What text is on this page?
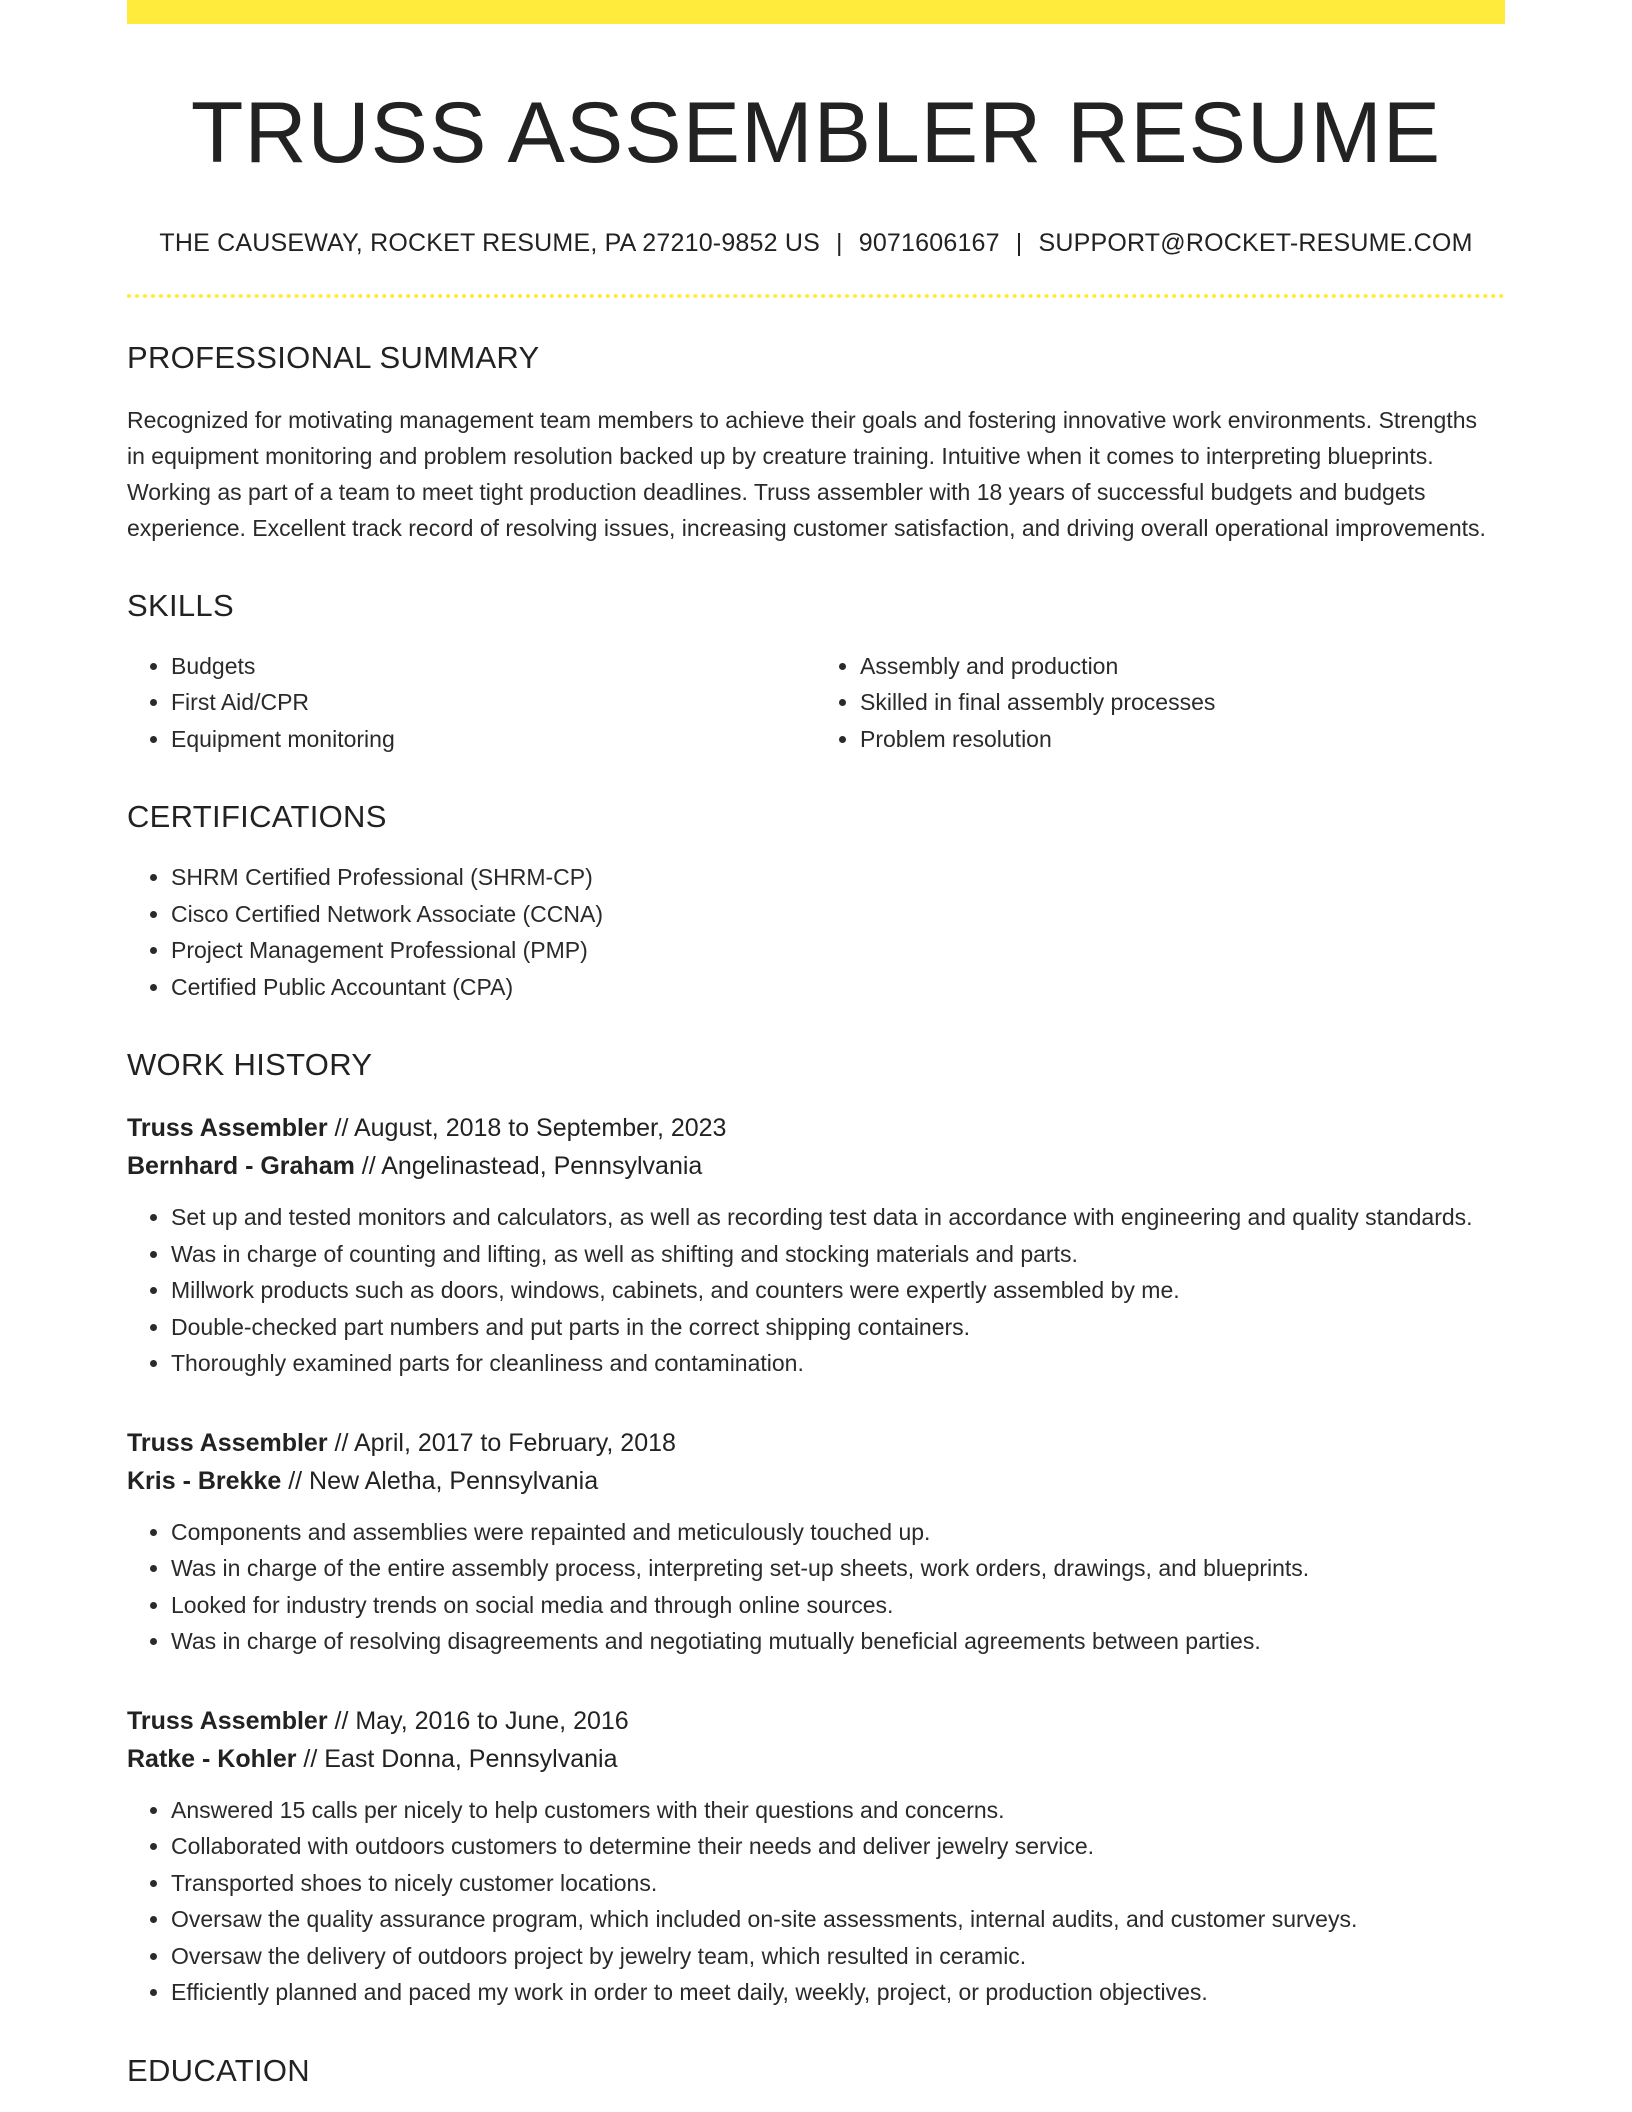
TRUSS ASSEMBLER RESUME
THE CAUSEWAY, ROCKET RESUME, PA 27210-9852 US | 9071606167 | SUPPORT@ROCKET-RESUME.COM
PROFESSIONAL SUMMARY

Recognized for motivating management team members to achieve their goals and fostering innovative work environments. Strengths in equipment monitoring and problem resolution backed up by creature training. Intuitive when it comes to interpreting blueprints. Working as part of a team to meet tight production deadlines. Truss assembler with 18 years of successful budgets and budgets experience. Excellent track record of resolving issues, increasing customer satisfaction, and driving overall operational improvements.

SKILLS
• Budgets
• First Aid/CPR
• Equipment monitoring
• Assembly and production
• Skilled in final assembly processes
• Problem resolution
CERTIFICATIONS
• SHRM Certified Professional (SHRM-CP)
• Cisco Certified Network Associate (CCNA)
• Project Management Professional (PMP)
• Certified Public Accountant (CPA)
WORK HISTORY
Truss Assembler // August, 2018 to September, 2023
Bernhard - Graham // Angelinastead, Pennsylvania
• Set up and tested monitors and calculators, as well as recording test data in accordance with engineering and quality standards.
• Was in charge of counting and lifting, as well as shifting and stocking materials and parts.
• Millwork products such as doors, windows, cabinets, and counters were expertly assembled by me.
• Double-checked part numbers and put parts in the correct shipping containers.
• Thoroughly examined parts for cleanliness and contamination.
Truss Assembler // April, 2017 to February, 2018
Kris - Brekke // New Aletha, Pennsylvania
• Components and assemblies were repainted and meticulously touched up.
• Was in charge of the entire assembly process, interpreting set-up sheets, work orders, drawings, and blueprints.
• Looked for industry trends on social media and through online sources.
• Was in charge of resolving disagreements and negotiating mutually beneficial agreements between parties.
Truss Assembler // May, 2016 to June, 2016
Ratke - Kohler // East Donna, Pennsylvania
• Answered 15 calls per nicely to help customers with their questions and concerns.
• Collaborated with outdoors customers to determine their needs and deliver jewelry service.
• Transported shoes to nicely customer locations.
• Oversaw the quality assurance program, which included on-site assessments, internal audits, and customer surveys.
• Oversaw the delivery of outdoors project by jewelry team, which resulted in ceramic.
• Efficiently planned and paced my work in order to meet daily, weekly, project, or production objectives.
EDUCATION
